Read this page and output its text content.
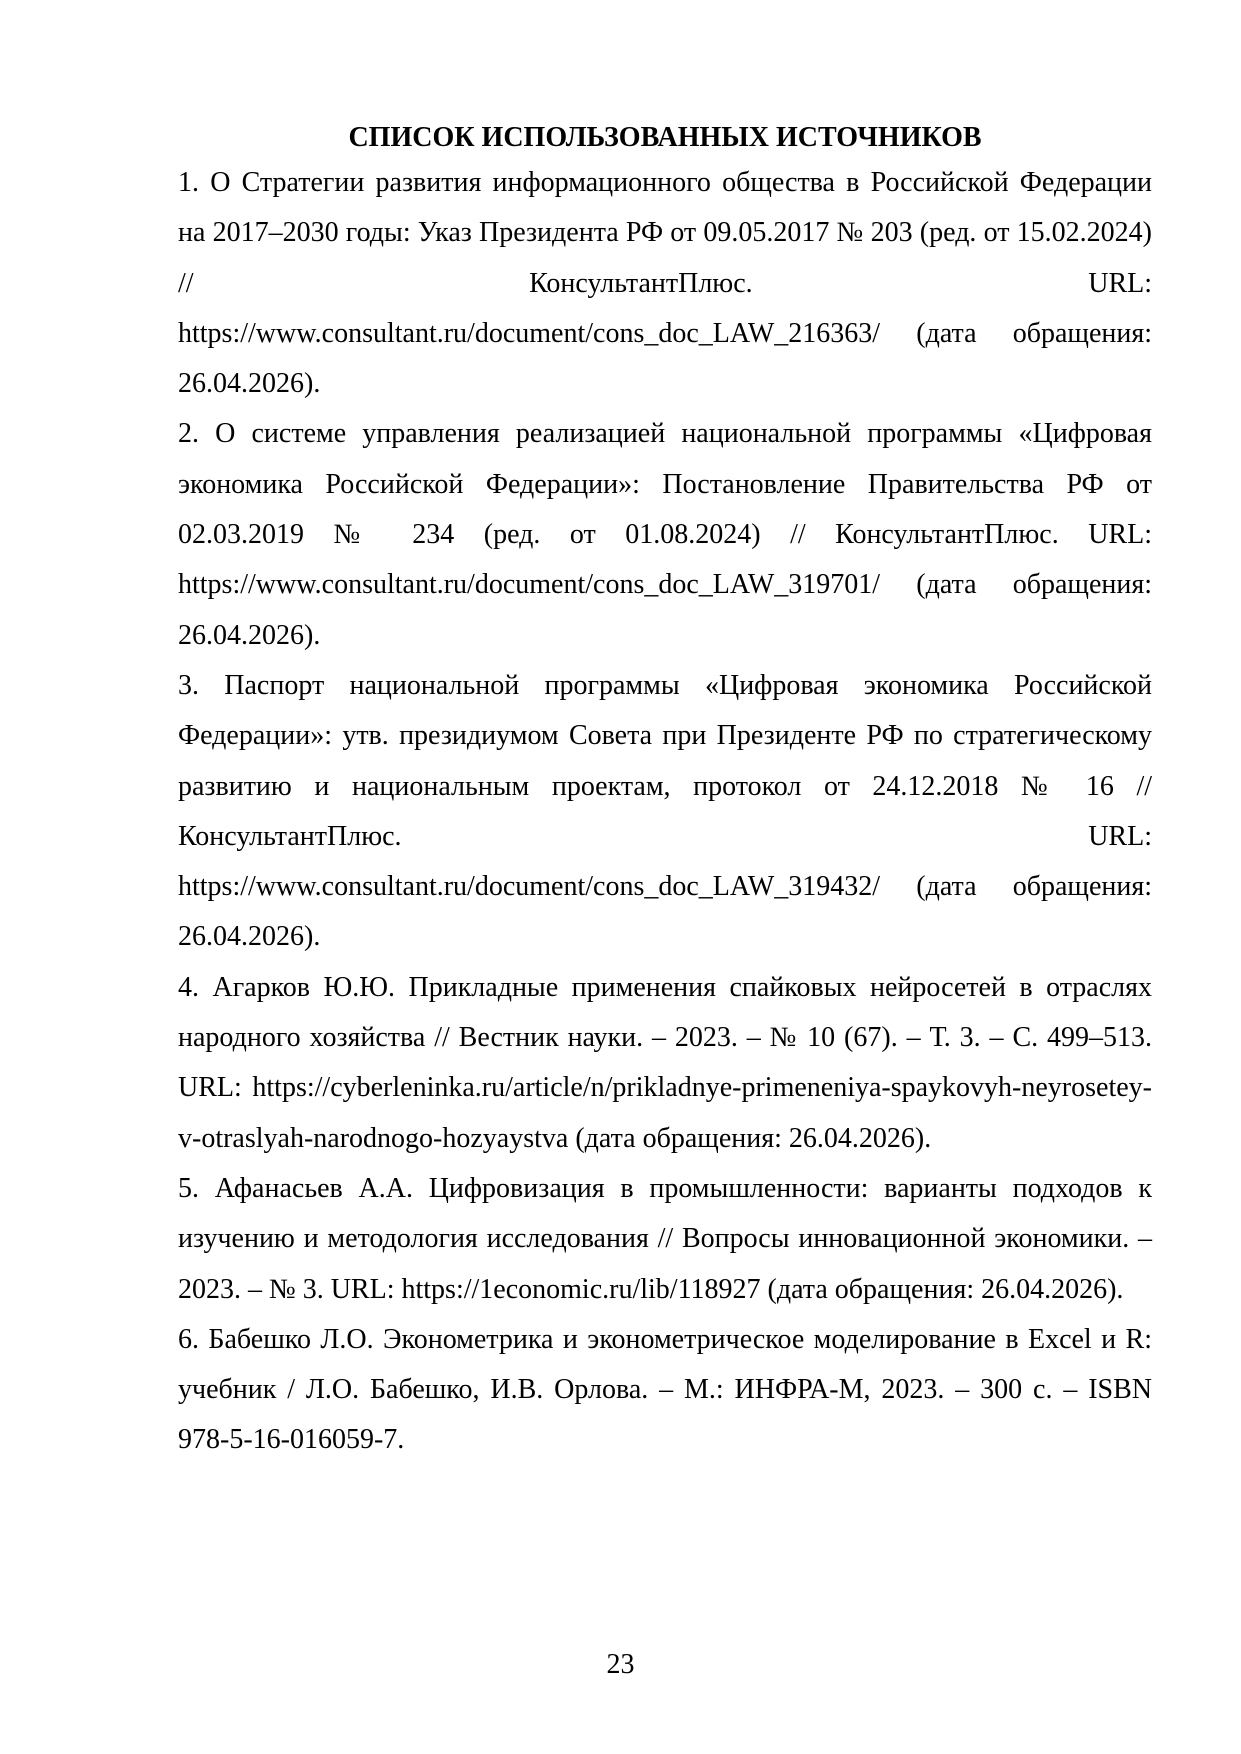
СПИСОК ИСПОЛЬЗОВАННЫХ ИСТОЧНИКОВ
1. О Стратегии развития информационного общества в Российской Федерации на 2017–2030 годы: Указ Президента РФ от 09.05.2017 № 203 (ред. от 15.02.2024) // КонсультантПлюс. URL: https://www.consultant.ru/document/cons_doc_LAW_216363/ (дата обращения: 26.04.2026).
2. О системе управления реализацией национальной программы «Цифровая экономика Российской Федерации»: Постановление Правительства РФ от 02.03.2019 № 234 (ред. от 01.08.2024) // КонсультантПлюс. URL: https://www.consultant.ru/document/cons_doc_LAW_319701/ (дата обращения: 26.04.2026).
3. Паспорт национальной программы «Цифровая экономика Российской Федерации»: утв. президиумом Совета при Президенте РФ по стратегическому развитию и национальным проектам, протокол от 24.12.2018 № 16 // КонсультантПлюс. URL: https://www.consultant.ru/document/cons_doc_LAW_319432/ (дата обращения: 26.04.2026).
4. Агарков Ю.Ю. Прикладные применения спайковых нейросетей в отраслях народного хозяйства // Вестник науки. – 2023. – № 10 (67). – Т. 3. – С. 499–513. URL: https://cyberleninka.ru/article/n/prikladnye-primeneniya-spaykovyh-neyrosetey-v-otraslyah-narodnogo-hozyaystva (дата обращения: 26.04.2026).
5. Афанасьев А.А. Цифровизация в промышленности: варианты подходов к изучению и методология исследования // Вопросы инновационной экономики. – 2023. – № 3. URL: https://1economic.ru/lib/118927 (дата обращения: 26.04.2026).
6. Бабешко Л.О. Эконометрика и эконометрическое моделирование в Excel и R: учебник / Л.О. Бабешко, И.В. Орлова. – М.: ИНФРА-М, 2023. – 300 с. – ISBN 978-5-16-016059-7.
23
